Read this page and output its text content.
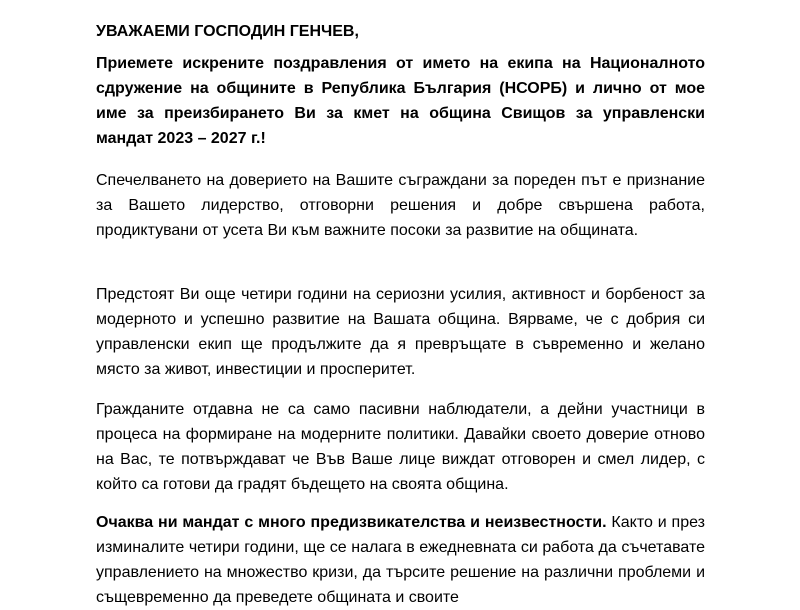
УВАЖАЕМИ ГОСПОДИН ГЕНЧЕВ,

Приемете искрените поздравления от името на екипа на Националното сдружение на общините в Република България (НСОРБ) и лично от мое име за преизбирането Ви за кмет на община Свищов за управленски мандат 2023 – 2027 г.!

Спечелването на доверието на Вашите съграждани за пореден път е признание за Вашето лидерство, отговорни решения и добре свършена работа, продиктувани от усета Ви към важните посоки за развитие на общината.

Предстоят Ви още четири години на сериозни усилия, активност и борбеност за модерното и успешно развитие на Вашата община. Вярваме, че с добрия си управленски екип ще продължите да я превръщате в съвременно и желано място за живот, инвестиции и просперитет.

Гражданите отдавна не са само пасивни наблюдатели, а дейни участници в процеса на формиране на модерните политики. Давайки своето доверие отново на Вас, те потвърждават че Във Ваше лице виждат отговорен и смел лидер, с който са готови да градят бъдещето на своята община.

Очаква ни мандат с много предизвикателства и неизвестности. Както и през изминалите четири години, ще се налага в ежедневната си работа да съчетавате управлението на множество кризи, да търсите решение на различни проблеми и същевременно да преведете общината и своите
